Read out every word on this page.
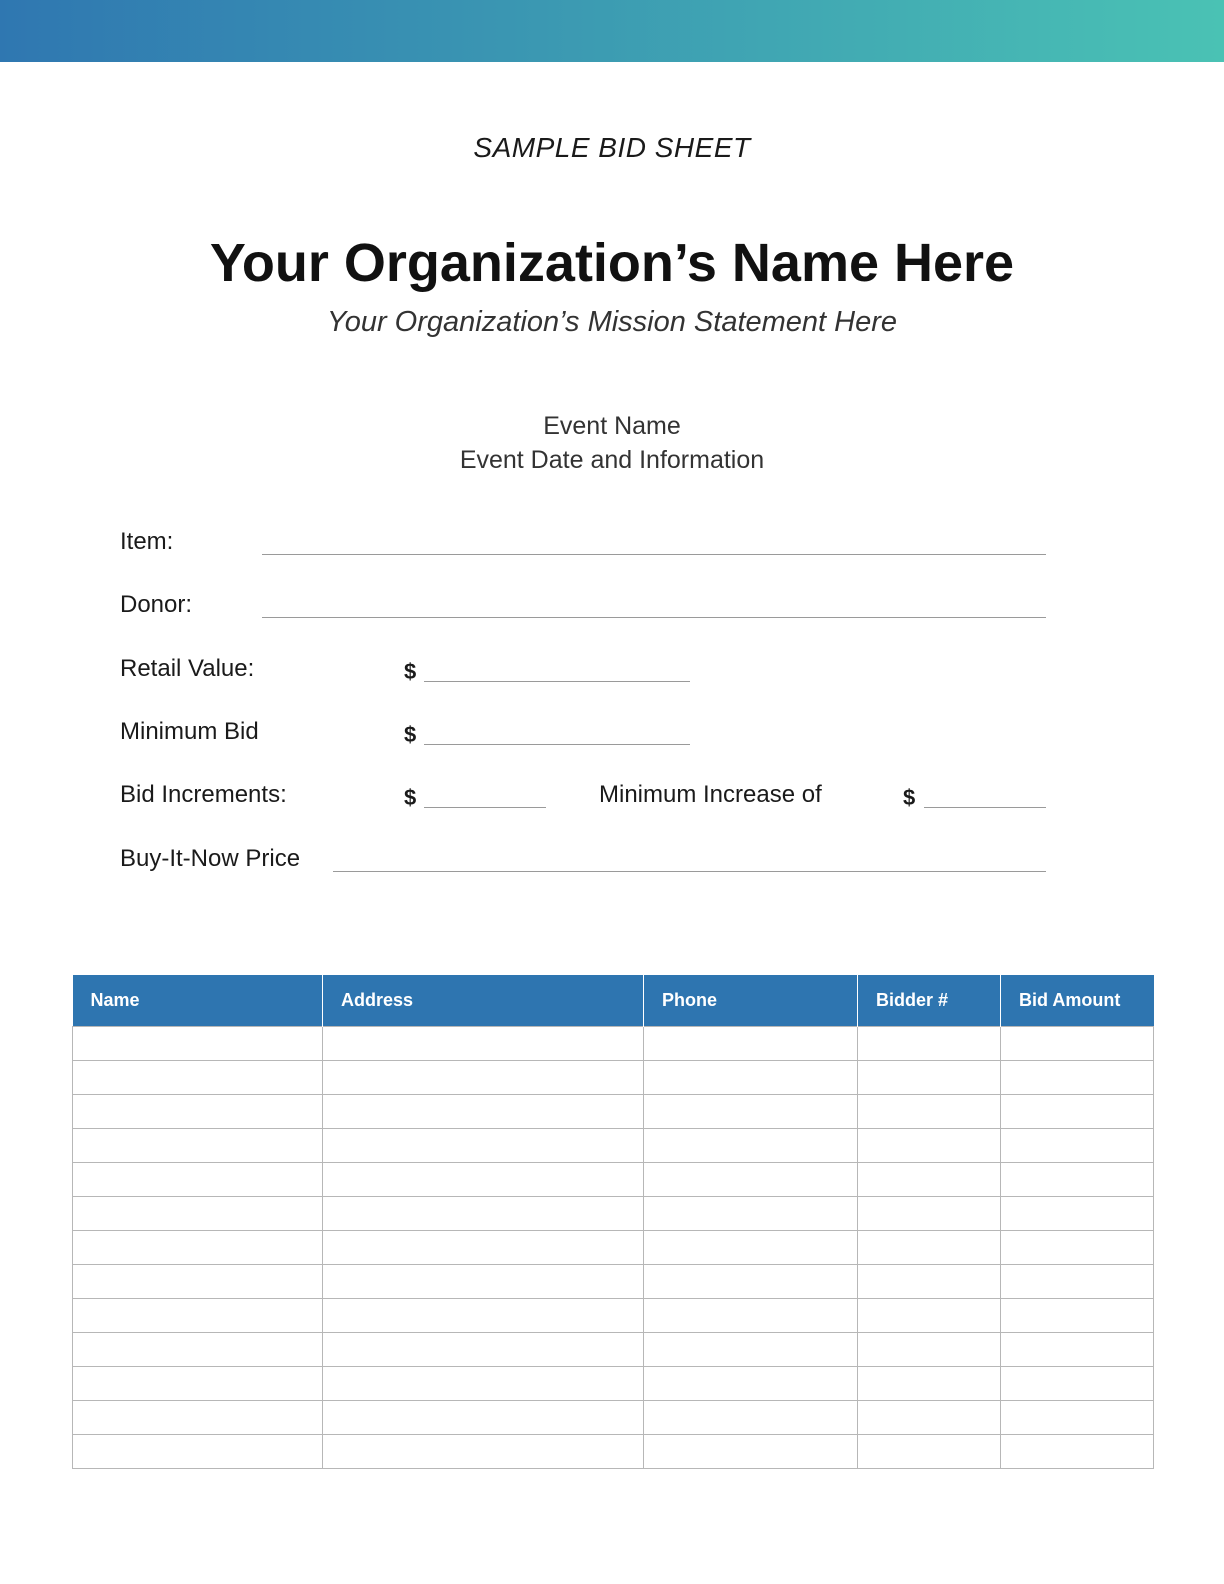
SAMPLE BID SHEET
Your Organization’s Name Here
Your Organization’s Mission Statement Here
Event Name
Event Date and Information
Item:
Donor:
Retail Value:	$
Minimum Bid	$
Bid Increments:	$	Minimum Increase of	$
Buy-It-Now Price
Name	Address	Phone	Bidder #	Bid Amount
